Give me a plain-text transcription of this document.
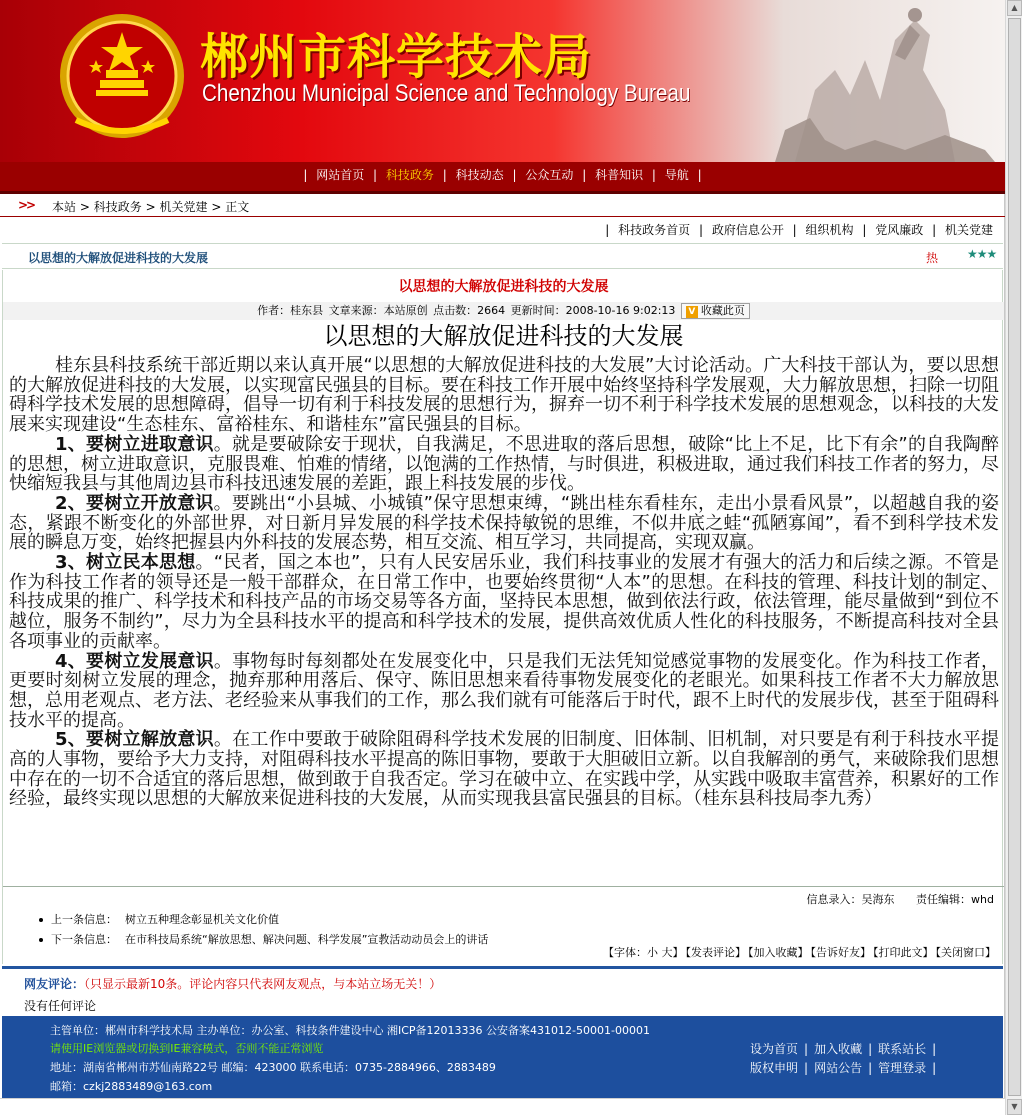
郴州市科学技术局
Chenzhou Municipal Science and Technology Bureau
| 网站首页 | 科技政务 | 科技动态 | 公众互动 | 科普知识 | 导航 |
>> 本站 > 科技政务 > 机关党建 > 正文
| 科技政务首页 | 政府信息公开 | 组织机构 | 党风廉政 | 机关党建
以思想的大解放促进科技的大发展	热 ★★★
以思想的大解放促进科技的大发展
作者：桂东县 文章来源：本站原创 点击数：2664 更新时间：2008-10-16 9:02:13 V 收藏此页
以思想的大解放促进科技的大发展

桂东县科技系统干部近期以来认真开展“以思想的大解放促进科技的大发展”大讨论活动。广大科技干部认为，要以思想的大解放促进科技的大发展，以实现富民强县的目标。要在科技工作开展中始终坚持科学发展观，大力解放思想，扫除一切阻碍科学技术发展的思想障碍，倡导一切有利于科技发展的思想行为，摒弃一切不利于科学技术发展的思想观念，以科技的大发展来实现建设“生态桂东、富裕桂东、和谐桂东”富民强县的目标。

1、要树立进取意识。就是要破除安于现状，自我满足，不思进取的落后思想，破除“比上不足，比下有余”的自我陶醉的思想，树立进取意识，克服畏难、怕难的情绪，以饱满的工作热情，与时俱进，积极进取，通过我们科技工作者的努力，尽快缩短我县与其他周边县市科技迅速发展的差距，跟上科技发展的步伐。

2、要树立开放意识。要跳出“小县城、小城镇”保守思想束缚，“跳出桂东看桂东，走出小景看风景”，以超越自我的姿态，紧跟不断变化的外部世界，对日新月异发展的科学技术保持敏锐的思维，不似井底之蛙“孤陋寡闻”，看不到科学技术发展的瞬息万变，始终把握县内外科技的发展态势，相互交流、相互学习，共同提高，实现双赢。

3、树立民本思想。“民者，国之本也”，只有人民安居乐业，我们科技事业的发展才有强大的活力和后续之源。不管是作为科技工作者的领导还是一般干部群众，在日常工作中，也要始终贯彻“人本”的思想。在科技的管理、科技计划的制定、科技成果的推广、科学技术和科技产品的市场交易等各方面，坚持民本思想，做到依法行政，依法管理，能尽量做到“到位不越位，服务不制约”，尽力为全县科技水平的提高和科学技术的发展，提供高效优质人性化的科技服务，不断提高科技对全县各项事业的贡献率。

4、要树立发展意识。事物每时每刻都处在发展变化中，只是我们无法凭知觉感觉事物的发展变化。作为科技工作者，更要时刻树立发展的理念，抛弃那种用落后、保守、陈旧思想来看待事物发展变化的老眼光。如果科技工作者不大力解放思想，总用老观点、老方法、老经验来从事我们的工作，那么我们就有可能落后于时代，跟不上时代的发展步伐，甚至于阻碍科技水平的提高。

5、要树立解放意识。在工作中要敢于破除阻碍科学技术发展的旧制度、旧体制、旧机制，对只要是有利于科技水平提高的人事物，要给予大力支持，对阻碍科技水平提高的陈旧事物，要敢于大胆破旧立新。以自我解剖的勇气，来破除我们思想中存在的一切不合适宜的落后思想，做到敢于自我否定。学习在破中立、在实践中学，从实践中吸取丰富营养，积累好的工作经验，最终实现以思想的大解放来促进科技的大发展，从而实现我县富民强县的目标。（桂东县科技局李九秀）

信息录入：吴海东 责任编辑：whd
上一条信息： 树立五种理念彰显机关文化价值
下一条信息： 在市科技局系统“解放思想、解决问题、科学发展”宣教活动动员会上的讲话
【字体：小 大】 【发表评论】 【加入收藏】 【告诉好友】 【打印此文】 【关闭窗口】
网友评论：（只显示最新10条。评论内容只代表网友观点，与本站立场无关！）
没有任何评论
主管单位：郴州市科学技术局 主办单位：办公室、科技条件建设中心 湘ICP备12013336 公安备案431012-50001-00001
请使用IE浏览器或切换到IE兼容模式，否则不能正常浏览
地址：湖南省郴州市苏仙南路22号 邮编：423000 联系电话：0735-2884966、2883489
邮箱：czkj2883489@163.com
设为首页 | 加入收藏 | 联系站长 |
版权申明 | 网站公告 | 管理登录 |
▲
▼
